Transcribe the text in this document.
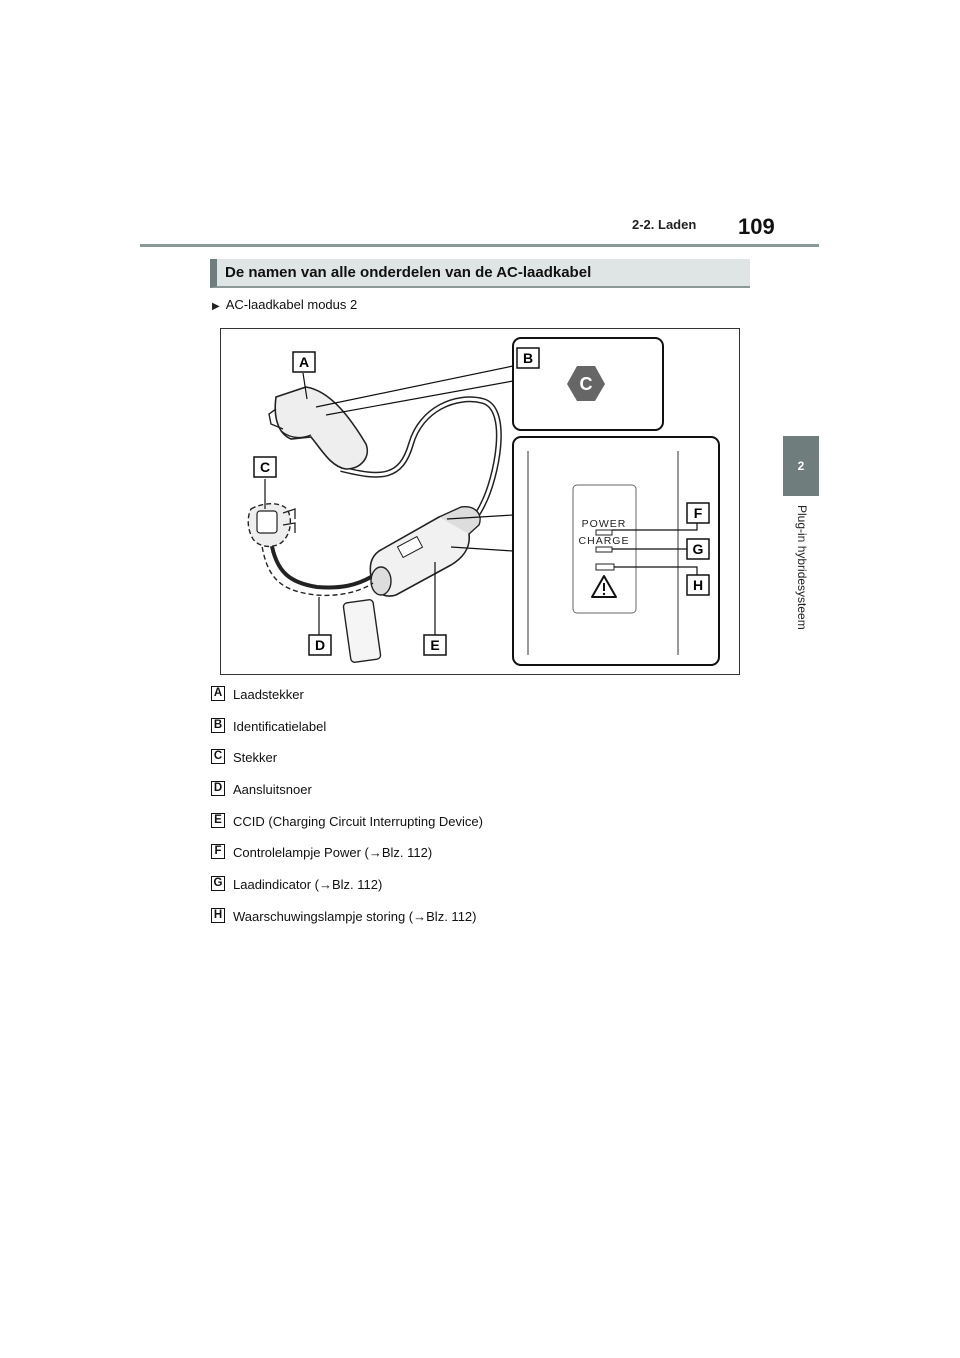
2-2. Laden 109
2
Plug-in hybridesysteem
De namen van alle onderdelen van de AC-laadkabel
▶ AC-laadkabel modus 2
C
POWER
CHARGE
A	B
C
D	E
F
G
H
A Laadstekker
B Identificatielabel
C Stekker
D Aansluitsnoer
E CCID (Charging Circuit Interrupting Device)
F Controlelampje Power (→Blz. 112)
G Laadindicator (→Blz. 112)
H Waarschuwingslampje storing (→Blz. 112)
